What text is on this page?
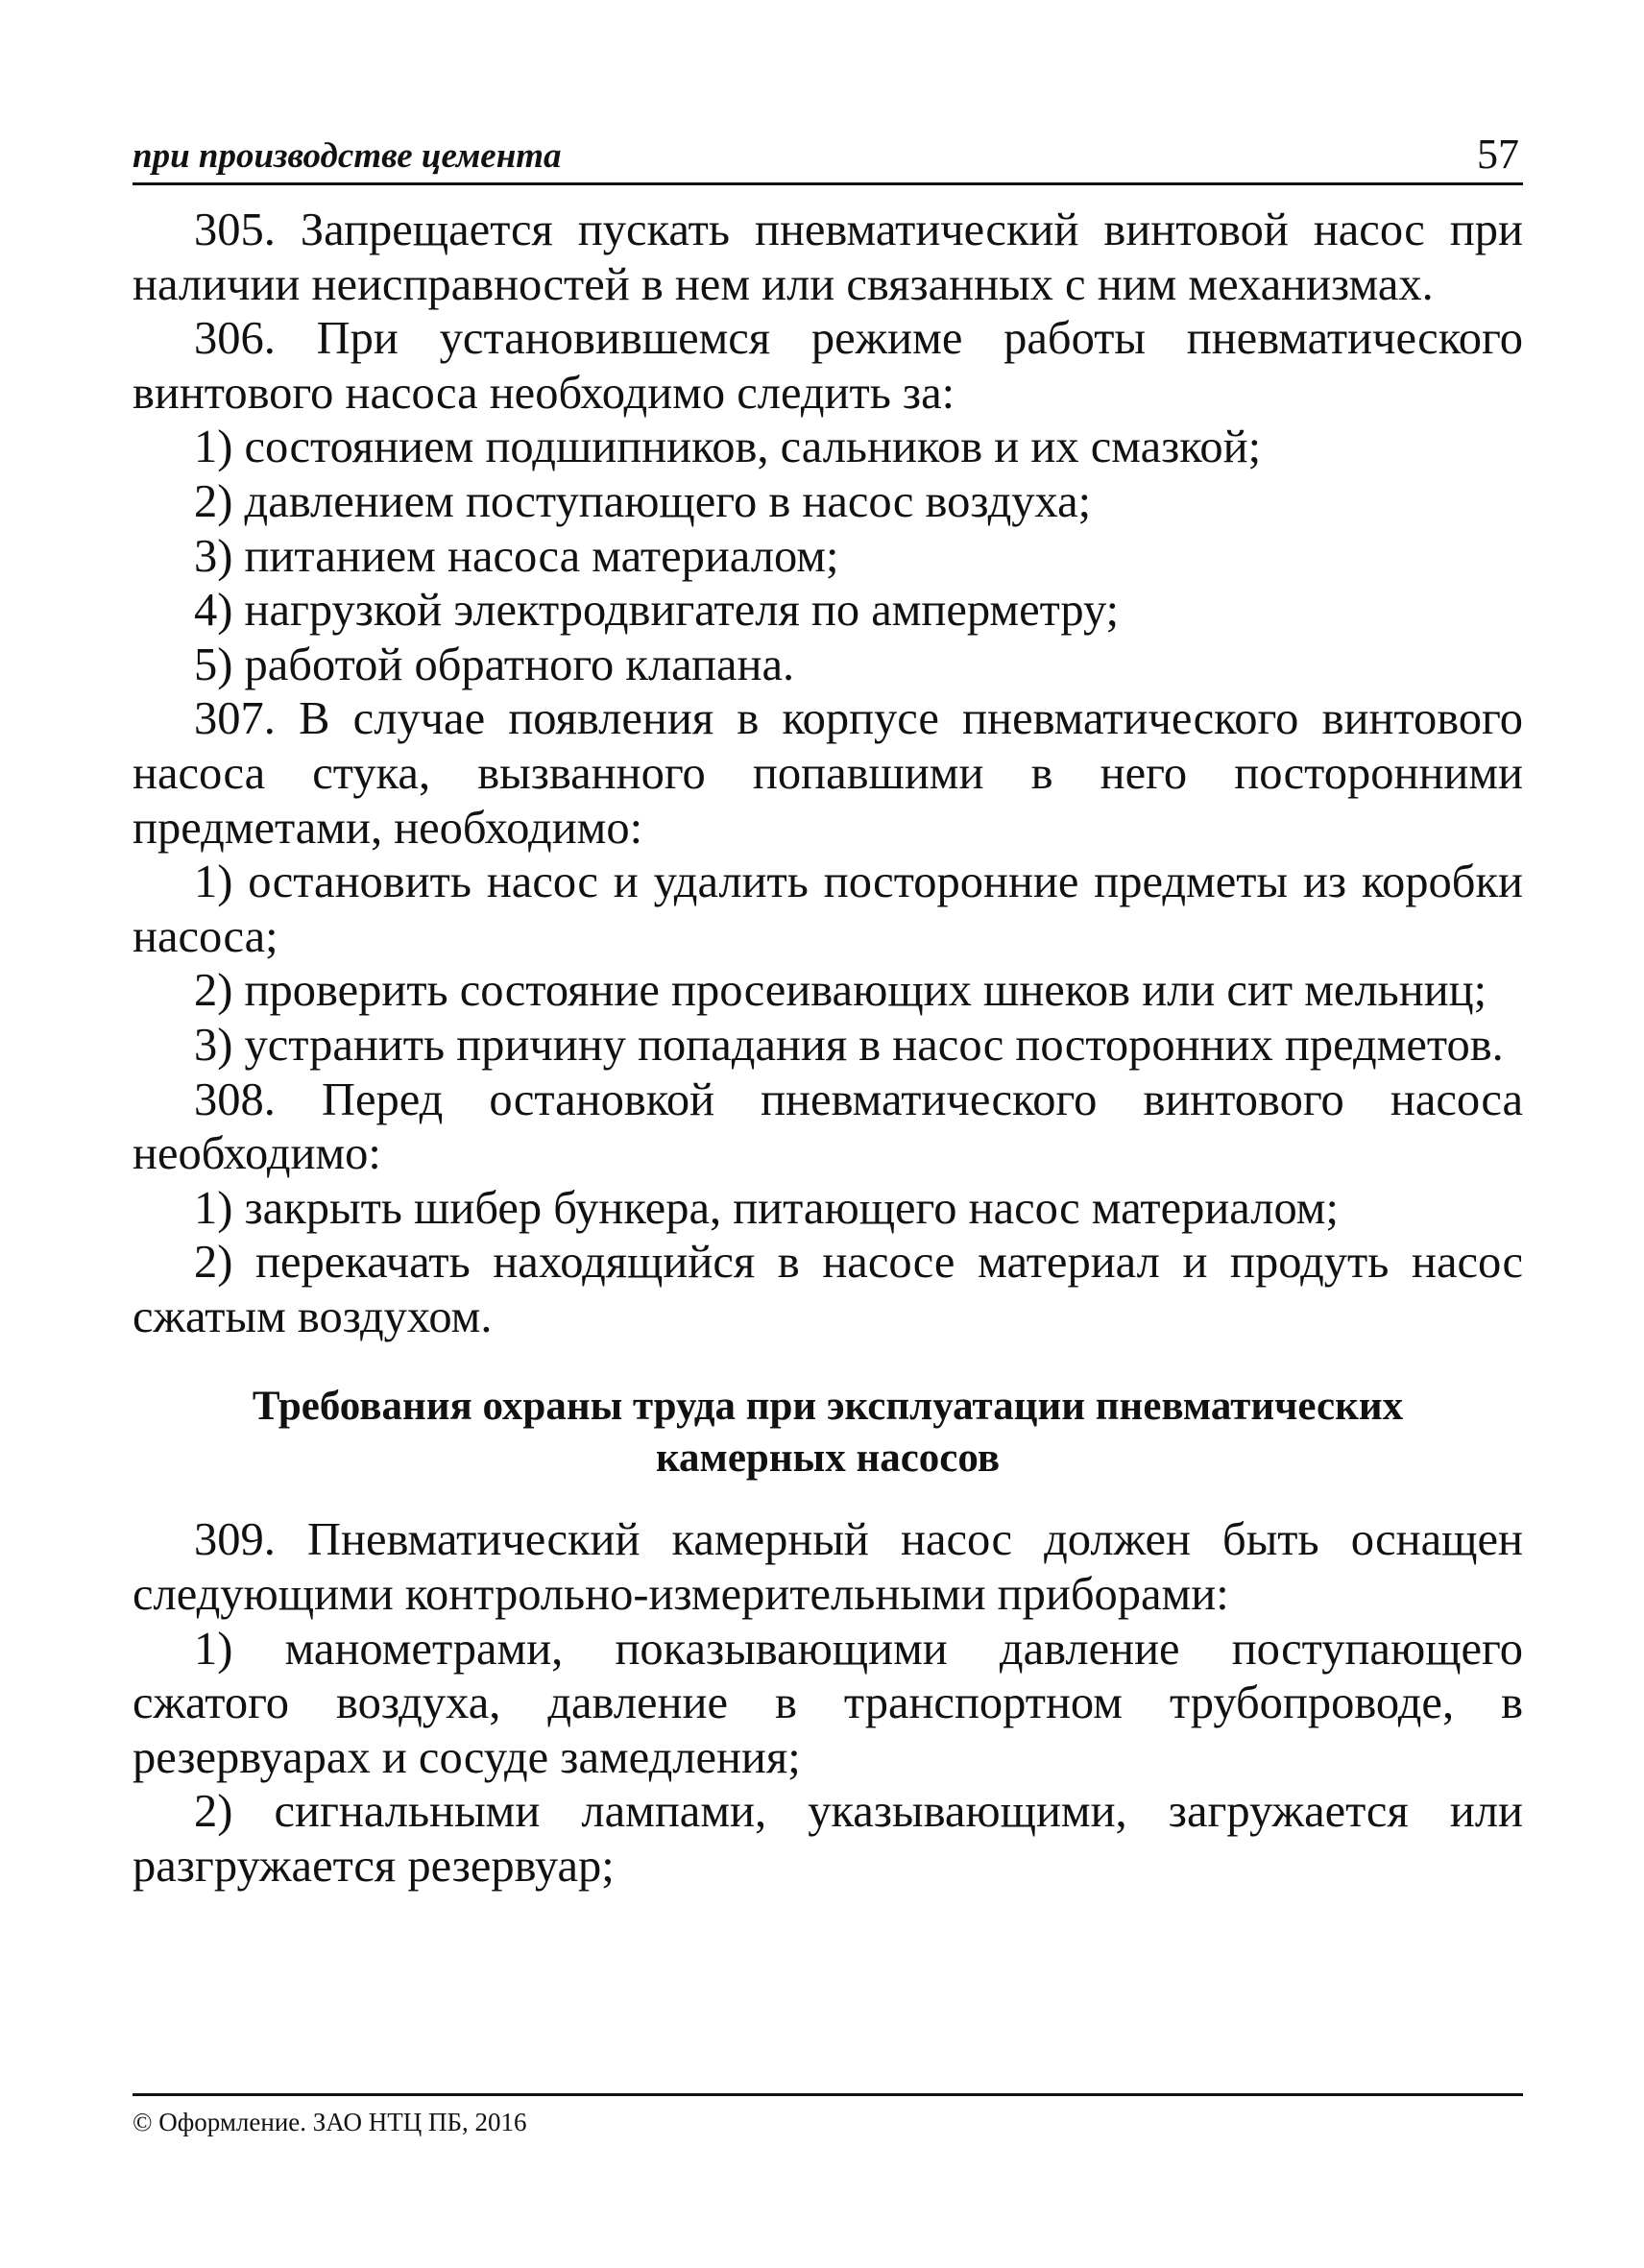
при производстве цемента	57

305. Запрещается пускать пневматический винтовой насос при наличии неисправностей в нем или связанных с ним механизмах.

306. При установившемся режиме работы пневматического винтового насоса необходимо следить за:

1) состоянием подшипников, сальников и их смазкой;

2) давлением поступающего в насос воздуха;

3) питанием насоса материалом;

4) нагрузкой электродвигателя по амперметру;

5) работой обратного клапана.

307. В случае появления в корпусе пневматического винтового насоса стука, вызванного попавшими в него посторонними предметами, необходимо:

1) остановить насос и удалить посторонние предметы из коробки насоса;

2) проверить состояние просеивающих шнеков или сит мельниц;

3) устранить причину попадания в насос посторонних предметов.

308. Перед остановкой пневматического винтового насоса необходимо:

1) закрыть шибер бункера, питающего насос материалом;

2) перекачать находящийся в насосе материал и продуть насос сжатым воздухом.

Требования охраны труда при эксплуатации пневматических камерных насосов

309. Пневматический камерный насос должен быть оснащен следующими контрольно-измерительными приборами:

1) манометрами, показывающими давление поступающего сжатого воздуха, давление в транспортном трубопроводе, в резервуарах и сосуде замедления;

2) сигнальными лампами, указывающими, загружается или разгружается резервуар;

© Оформление. ЗАО НТЦ ПБ, 2016
